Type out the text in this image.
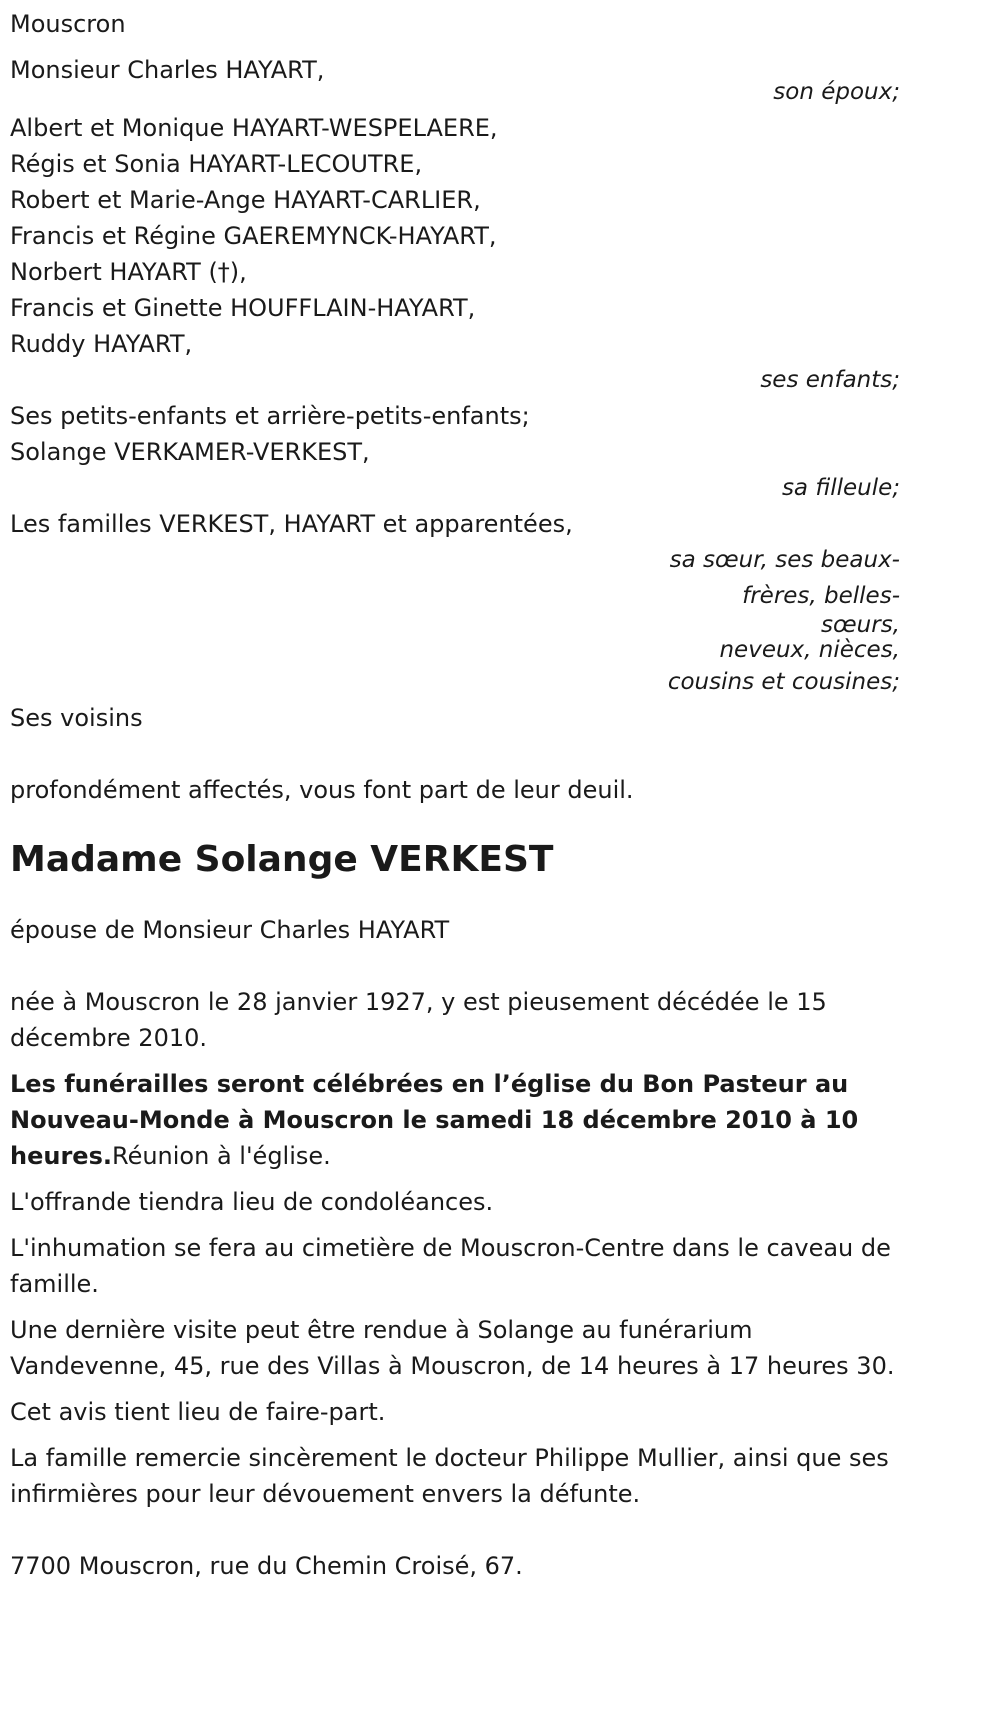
Mouscron

Monsieur Charles HAYART,

son époux;

Albert et Monique HAYART-WESPELAERE,

Régis et Sonia HAYART-LECOUTRE,

Robert et Marie-Ange HAYART-CARLIER,

Francis et Régine GAEREMYNCK-HAYART,

Norbert HAYART (†),

Francis et Ginette HOUFFLAIN-HAYART,

Ruddy HAYART,

ses enfants;

Ses petits-enfants et arrière-petits-enfants;

Solange VERKAMER-VERKEST,

sa filleule;

Les familles VERKEST, HAYART et apparentées,

sa sœur, ses beaux-

frères, belles-

sœurs,

neveux, nièces,

cousins et cousines;

Ses voisins

profondément affectés, vous font part de leur deuil.

Madame Solange VERKEST

épouse de Monsieur Charles HAYART

née à Mouscron le 28 janvier 1927, y est pieusement décédée le 15 décembre 2010.

Les funérailles seront célébrées en l’église du Bon Pasteur au Nouveau-Monde à Mouscron le samedi 18 décembre 2010 à 10 heures.Réunion à l'église.

L'offrande tiendra lieu de condoléances.

L'inhumation se fera au cimetière de Mouscron-Centre dans le caveau de famille.

Une dernière visite peut être rendue à Solange au funérarium Vandevenne, 45, rue des Villas à Mouscron, de 14 heures à 17 heures 30.

Cet avis tient lieu de faire-part.

La famille remercie sincèrement le docteur Philippe Mullier, ainsi que ses infirmières pour leur dévouement envers la défunte.

7700 Mouscron, rue du Chemin Croisé, 67.
